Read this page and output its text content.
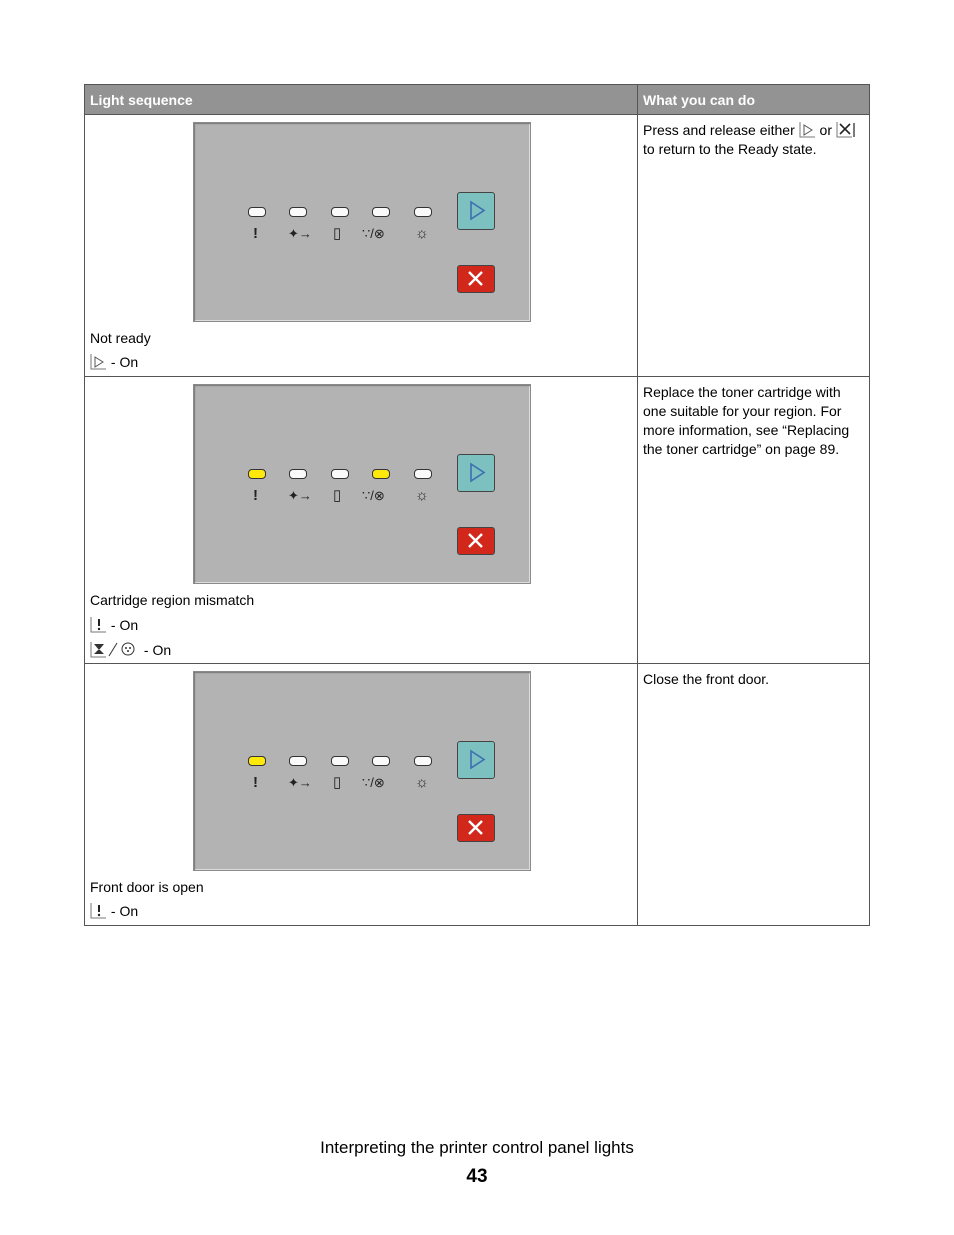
Light sequence	What you can do
! ✦→ ▯ ∵/⊗ ☼
Not ready
- On
Press and release either or
to return to the Ready state.
! ✦→ ▯ ∵/⊗ ☼
Cartridge region mismatch
- On
- On
Replace the toner cartridge with one suitable for your region. For more information, see “Replacing the toner cartridge” on page 89.
! ✦→ ▯ ∵/⊗ ☼
Front door is open
- On
Close the front door.
Interpreting the printer control panel lights
43
